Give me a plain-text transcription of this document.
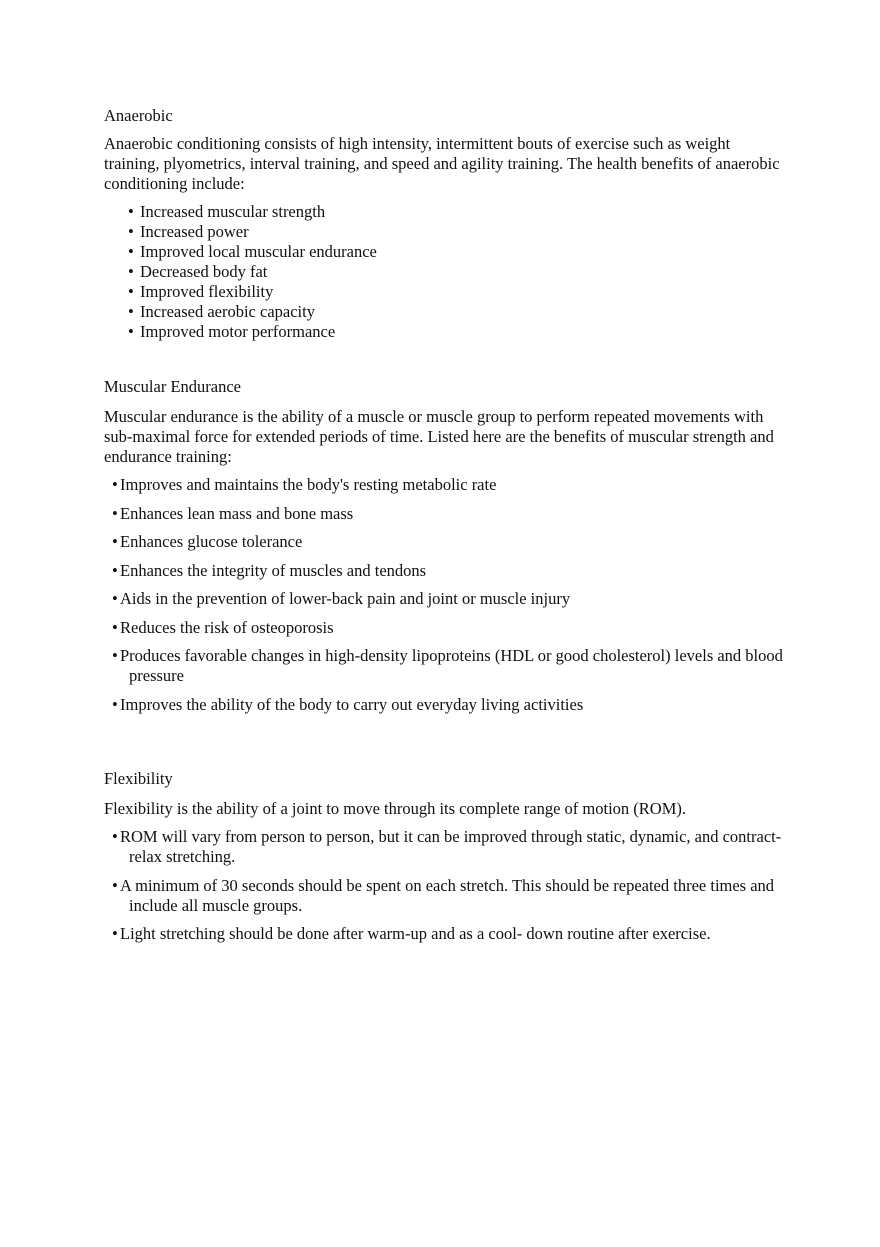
Anaerobic

Anaerobic conditioning consists of high intensity, intermittent bouts of exercise such as weight training, plyometrics, interval training, and speed and agility training. The health benefits of anaerobic conditioning include:

• Increased muscular strength
• Increased power
• Improved local muscular endurance
• Decreased body fat
• Improved flexibility
• Increased aerobic capacity
• Improved motor performance
Muscular Endurance

Muscular endurance is the ability of a muscle or muscle group to perform repeated movements with sub-maximal force for extended periods of time. Listed here are the benefits of muscular strength and endurance training:

• Improves and maintains the body's resting metabolic rate
• Enhances lean mass and bone mass
• Enhances glucose tolerance
• Enhances the integrity of muscles and tendons
• Aids in the prevention of lower-back pain and joint or muscle injury
• Reduces the risk of osteoporosis
• Produces favorable changes in high-density lipoproteins (HDL or good cholesterol) levels and blood pressure
• Improves the ability of the body to carry out everyday living activities
Flexibility

Flexibility is the ability of a joint to move through its complete range of motion (ROM).

• ROM will vary from person to person, but it can be improved through static, dynamic, and contract-relax stretching.
• A minimum of 30 seconds should be spent on each stretch. This should be repeated three times and include all muscle groups.
• Light stretching should be done after warm-up and as a cool- down routine after exercise.
